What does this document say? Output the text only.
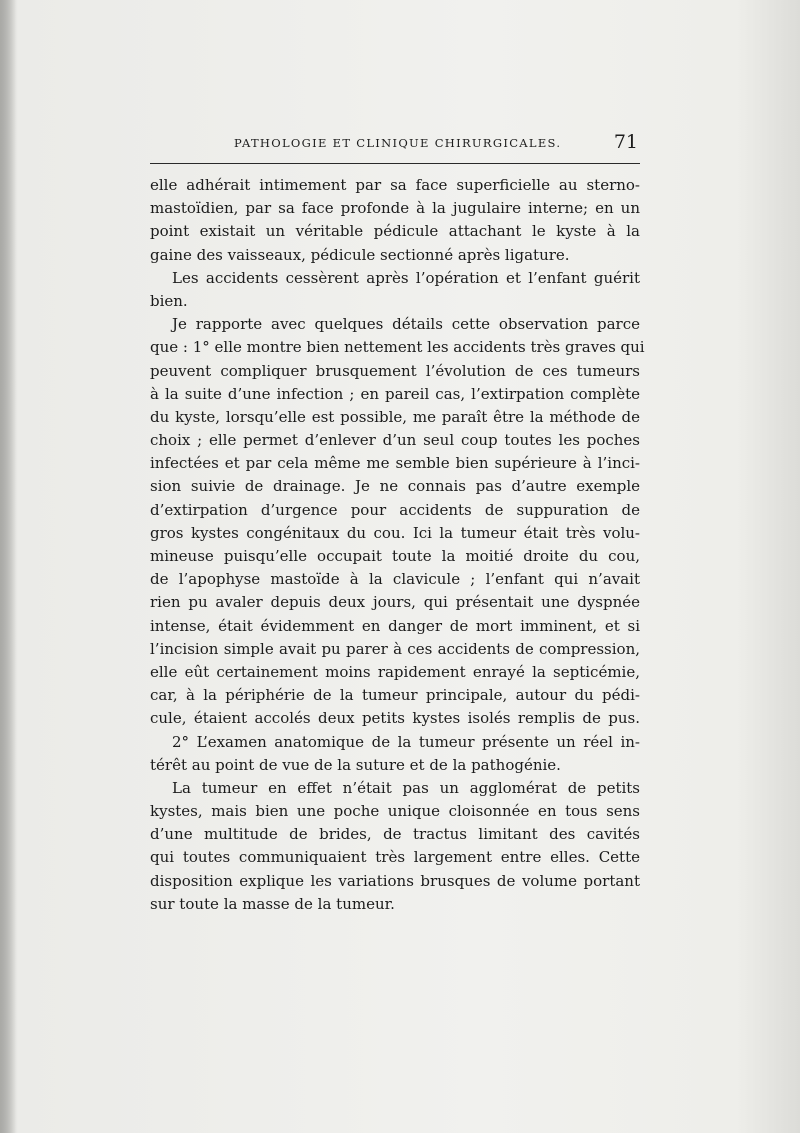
PATHOLOGIE ET CLINIQUE CHIRURGICALES.	71
elle adhérait intimement par sa face superficielle au sterno-
mastoïdien, par sa face profonde à la jugulaire interne; en un
point existait un véritable pédicule attachant le kyste à la
gaine des vaisseaux, pédicule sectionné après ligature.
Les accidents cessèrent après l’opération et l’enfant guérit
bien.
Je rapporte avec quelques détails cette observation parce
que : 1° elle montre bien nettement les accidents très graves qui
peuvent compliquer brusquement l’évolution de ces tumeurs
à la suite d’une infection ; en pareil cas, l’extirpation complète
du kyste, lorsqu’elle est possible, me paraît être la méthode de
choix ; elle permet d’enlever d’un seul coup toutes les poches
infectées et par cela même me semble bien supérieure à l’inci-
sion suivie de drainage. Je ne connais pas d’autre exemple
d’extirpation d’urgence pour accidents de suppuration de
gros kystes congénitaux du cou. Ici la tumeur était très volu-
mineuse puisqu’elle occupait toute la moitié droite du cou,
de l’apophyse mastoïde à la clavicule ; l’enfant qui n’avait
rien pu avaler depuis deux jours, qui présentait une dyspnée
intense, était évidemment en danger de mort imminent, et si
l’incision simple avait pu parer à ces accidents de compression,
elle eût certainement moins rapidement enrayé la septicémie,
car, à la périphérie de la tumeur principale, autour du pédi-
cule, étaient accolés deux petits kystes isolés remplis de pus.
2° L’examen anatomique de la tumeur présente un réel in-
térêt au point de vue de la suture et de la pathogénie.
La tumeur en effet n’était pas un agglomérat de petits
kystes, mais bien une poche unique cloisonnée en tous sens
d’une multitude de brides, de tractus limitant des cavités
qui toutes communiquaient très largement entre elles. Cette
disposition explique les variations brusques de volume portant
sur toute la masse de la tumeur.
